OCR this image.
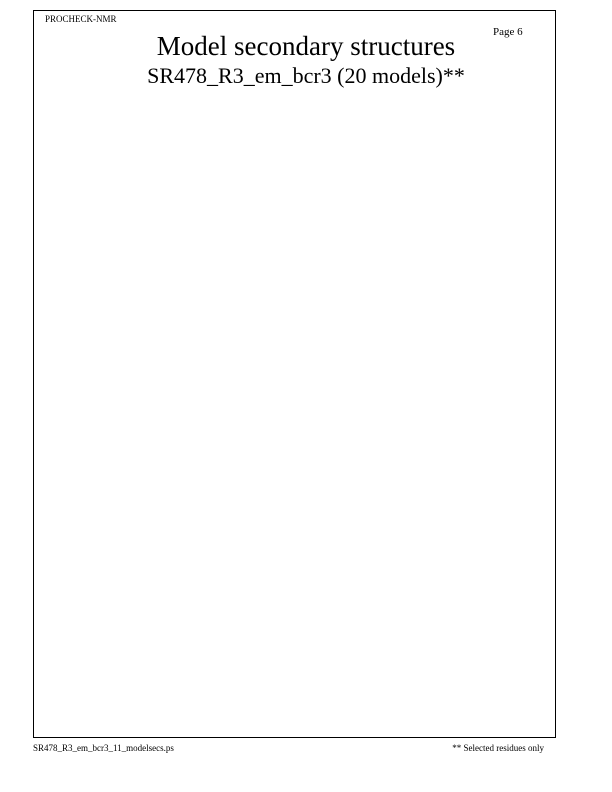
PROCHECK-NMR
Page 6
Model secondary structures
SR478_R3_em_bcr3 (20 models)**
SR478_R3_em_bcr3_11_modelsecs.ps	** Selected residues only
